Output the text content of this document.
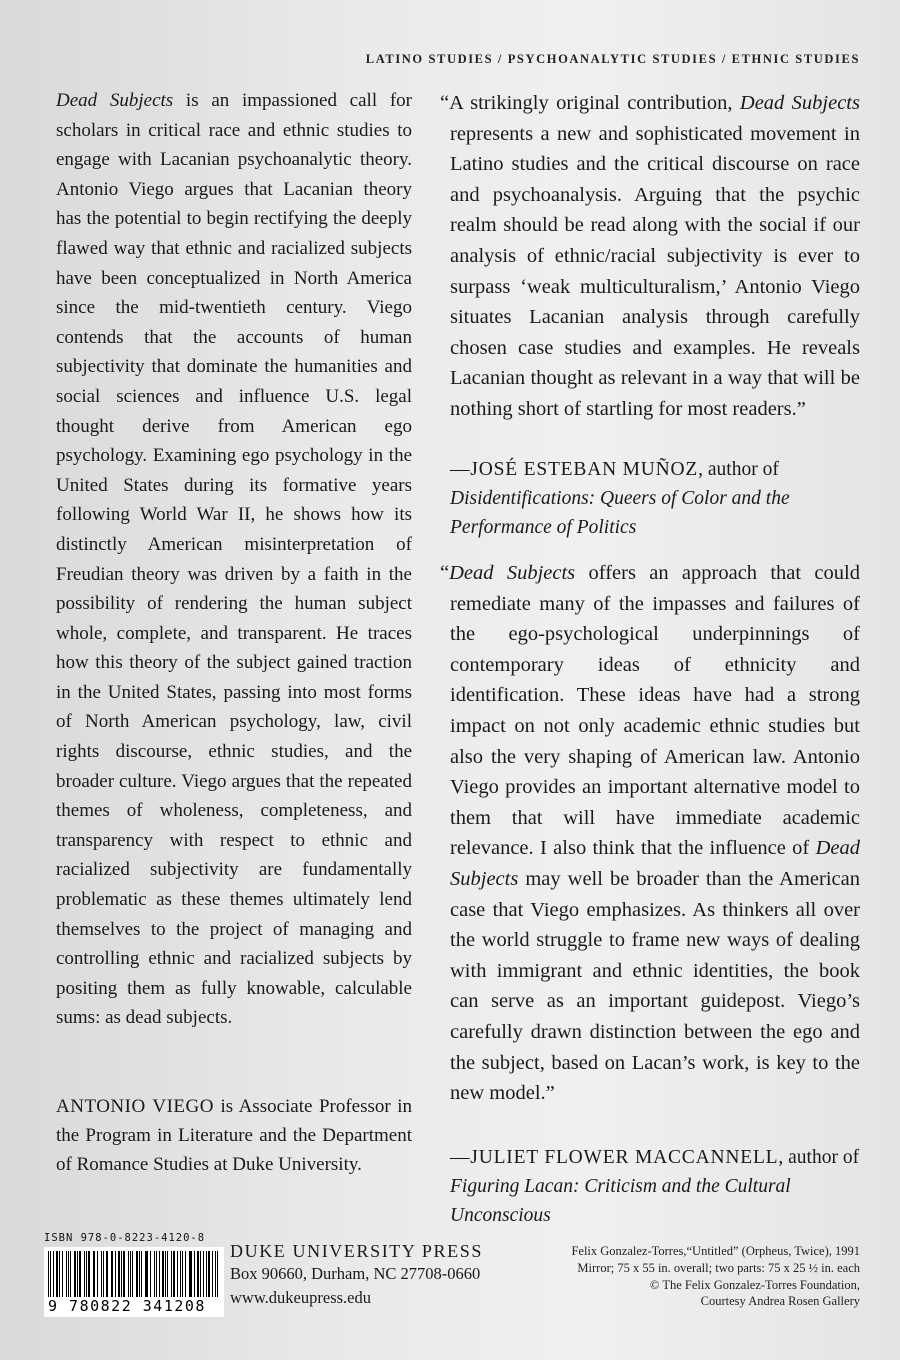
LATINO STUDIES / PSYCHOANALYTIC STUDIES / ETHNIC STUDIES

Dead Subjects is an impassioned call for scholars in critical race and ethnic studies to engage with Lacanian psychoanalytic theory. Antonio Viego argues that Lacanian theory has the potential to begin rectifying the deeply flawed way that ethnic and racialized subjects have been conceptualized in North America since the mid-twentieth century. Viego contends that the accounts of human subjectivity that dominate the humanities and social sciences and influence U.S. legal thought derive from American ego psychology. Examining ego psychology in the United States during its formative years following World War II, he shows how its distinctly American misinterpretation of Freudian theory was driven by a faith in the possibility of rendering the human subject whole, complete, and transparent. He traces how this theory of the subject gained traction in the United States, passing into most forms of North American psychology, law, civil rights discourse, ethnic studies, and the broader culture. Viego argues that the repeated themes of wholeness, completeness, and transparency with respect to ethnic and racialized subjectivity are fundamentally problematic as these themes ultimately lend themselves to the project of managing and controlling ethnic and racialized subjects by positing them as fully knowable, calculable sums: as dead subjects.

ANTONIO VIEGO is Associate Professor in the Program in Literature and the Department of Romance Studies at Duke University.

“A strikingly original contribution, Dead Subjects represents a new and sophisticated movement in Latino studies and the critical discourse on race and psychoanalysis. Arguing that the psychic realm should be read along with the social if our analysis of ethnic/racial subjectivity is ever to surpass ‘weak multiculturalism,’ Antonio Viego situates Lacanian analysis through carefully chosen case studies and examples. He reveals Lacanian thought as relevant in a way that will be nothing short of startling for most readers.”

—JOSÉ ESTEBAN MUÑOZ, author of Disidentifications: Queers of Color and the Performance of Politics

“Dead Subjects offers an approach that could remediate many of the impasses and failures of the ego-psychological underpinnings of contemporary ideas of ethnicity and identification. These ideas have had a strong impact on not only academic ethnic studies but also the very shaping of American law. Antonio Viego provides an important alternative model to them that will have immediate academic relevance. I also think that the influence of Dead Subjects may well be broader than the American case that Viego emphasizes. As thinkers all over the world struggle to frame new ways of dealing with immigrant and ethnic identities, the book can serve as an important guidepost. Viego’s carefully drawn distinction between the ego and the subject, based on Lacan’s work, is key to the new model.”

—JULIET FLOWER MACCANNELL, author of Figuring Lacan: Criticism and the Cultural Unconscious
ISBN 978-0-8223-4120-8
9 780822 341208
DUKE UNIVERSITY PRESS
Box 90660, Durham, NC 27708-0660
www.dukeupress.edu
Felix Gonzalez-Torres,“Untitled” (Orpheus, Twice), 1991
Mirror; 75 x 55 in. overall; two parts: 75 x 25 ½ in. each
© The Felix Gonzalez-Torres Foundation,
Courtesy Andrea Rosen Gallery
